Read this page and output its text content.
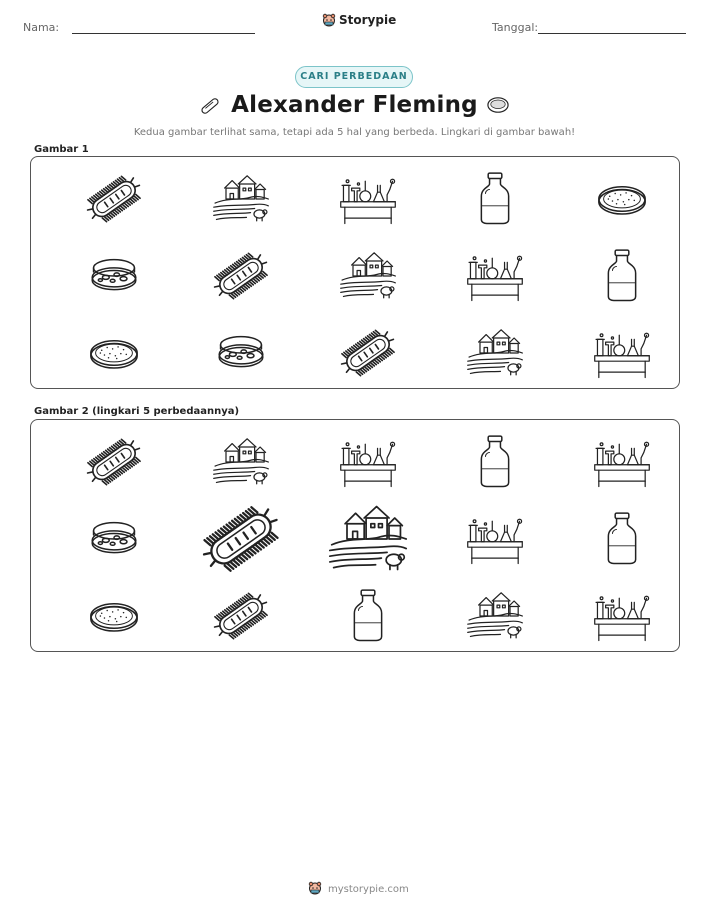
Nama:
Storypie
Tanggal:
CARI PERBEDAAN
Alexander Fleming
Kedua gambar terlihat sama, tetapi ada 5 hal yang berbeda. Lingkari di gambar bawah!
Gambar 1
Gambar 2 (lingkari 5 perbedaannya)
mystorypie.com
